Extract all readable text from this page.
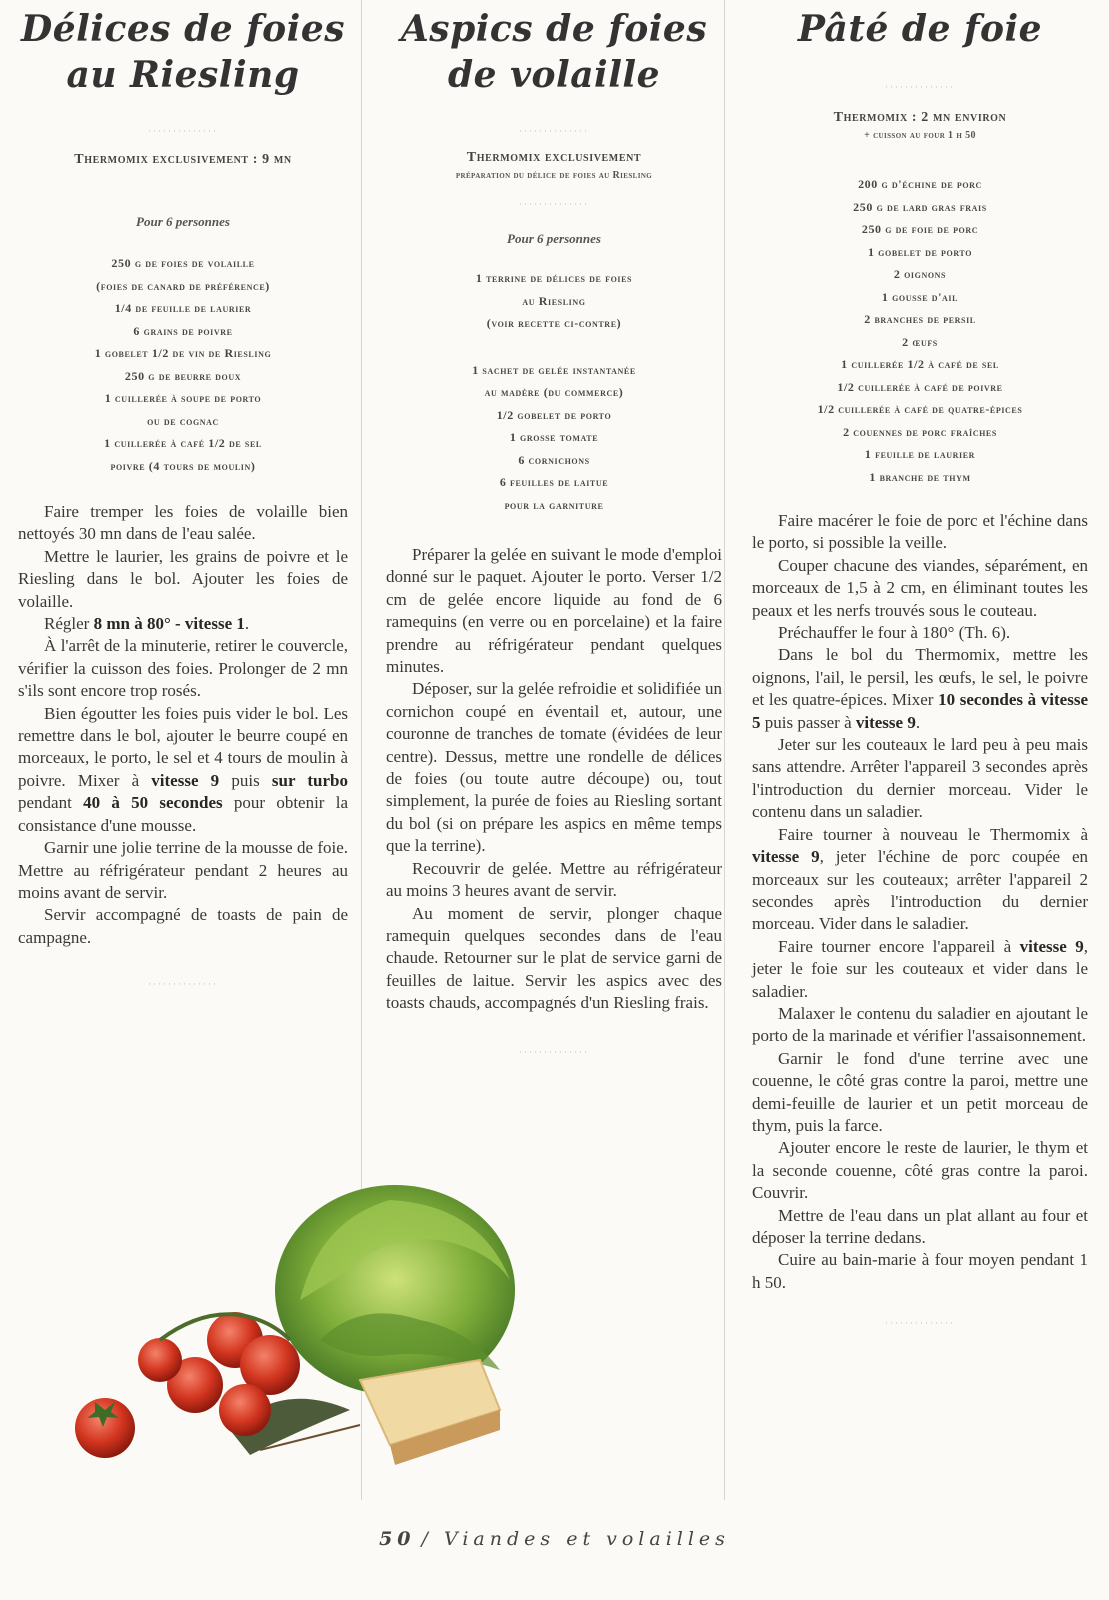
Délices de foies
au Riesling

··············

Thermomix exclusivement : 9 mn

Pour 6 personnes

250 g de foies de volaille
(foies de canard de préférence)
1/4 de feuille de laurier
6 grains de poivre
1 gobelet 1/2 de vin de Riesling
250 g de beurre doux
1 cuillerée à soupe de porto
ou de cognac
1 cuillerée à café 1/2 de sel
poivre (4 tours de moulin)

Faire tremper les foies de volaille bien nettoyés 30 mn dans de l'eau salée.

Mettre le laurier, les grains de poivre et le Riesling dans le bol. Ajouter les foies de volaille.

Régler 8 mn à 80° - vitesse 1.

À l'arrêt de la minuterie, retirer le couvercle, vérifier la cuisson des foies. Prolonger de 2 mn s'ils sont encore trop rosés.

Bien égoutter les foies puis vider le bol. Les remettre dans le bol, ajouter le beurre coupé en morceaux, le porto, le sel et 4 tours de moulin à poivre. Mixer à vitesse 9 puis sur turbo pendant 40 à 50 secondes pour obtenir la consistance d'une mousse.

Garnir une jolie terrine de la mousse de foie. Mettre au réfrigérateur pendant 2 heures au moins avant de servir.

Servir accompagné de toasts de pain de campagne.

··············

Aspics de foies
de volaille

··············

Thermomix exclusivement

préparation du délice de foies au Riesling

··············

Pour 6 personnes

1 terrine de délices de foies
au Riesling
(voir recette ci-contre)
1 sachet de gelée instantanée
au madère (du commerce)
1/2 gobelet de porto
1 grosse tomate
6 cornichons
6 feuilles de laitue
pour la garniture

Préparer la gelée en suivant le mode d'emploi donné sur le paquet. Ajouter le porto. Verser 1/2 cm de gelée encore liquide au fond de 6 ramequins (en verre ou en porcelaine) et la faire prendre au réfrigérateur pendant quelques minutes.

Déposer, sur la gelée refroidie et solidifiée un cornichon coupé en éventail et, autour, une couronne de tranches de tomate (évidées de leur centre). Dessus, mettre une rondelle de délices de foies (ou toute autre découpe) ou, tout simplement, la purée de foies au Riesling sortant du bol (si on prépare les aspics en même temps que la terrine).

Recouvrir de gelée. Mettre au réfrigérateur au moins 3 heures avant de servir.

Au moment de servir, plonger chaque ramequin quelques secondes dans de l'eau chaude. Retourner sur le plat de service garni de feuilles de laitue. Servir les aspics avec des toasts chauds, accompagnés d'un Riesling frais.

··············

Pâté de foie

··············

Thermomix : 2 mn environ

+ cuisson au four 1 h 50

200 g d'échine de porc
250 g de lard gras frais
250 g de foie de porc
1 gobelet de porto
2 oignons
1 gousse d'ail
2 branches de persil
2 œufs
1 cuillerée 1/2 à café de sel
1/2 cuillerée à café de poivre
1/2 cuillerée à café de quatre-épices
2 couennes de porc fraîches
1 feuille de laurier
1 branche de thym

Faire macérer le foie de porc et l'échine dans le porto, si possible la veille.

Couper chacune des viandes, séparément, en morceaux de 1,5 à 2 cm, en éliminant toutes les peaux et les nerfs trouvés sous le couteau.

Préchauffer le four à 180° (Th. 6).

Dans le bol du Thermomix, mettre les oignons, l'ail, le persil, les œufs, le sel, le poivre et les quatre-épices. Mixer 10 secondes à vitesse 5 puis passer à vitesse 9.

Jeter sur les couteaux le lard peu à peu mais sans attendre. Arrêter l'appareil 3 secondes après l'introduction du dernier morceau. Vider le contenu dans un saladier.

Faire tourner à nouveau le Thermomix à vitesse 9, jeter l'échine de porc coupée en morceaux sur les couteaux; arrêter l'appareil 2 secondes après l'introduction du dernier morceau. Vider dans le saladier.

Faire tourner encore l'appareil à vitesse 9, jeter le foie sur les couteaux et vider dans le saladier.

Malaxer le contenu du saladier en ajoutant le porto de la marinade et vérifier l'assaisonnement.

Garnir le fond d'une terrine avec une couenne, le côté gras contre la paroi, mettre une demi-feuille de laurier et un petit morceau de thym, puis la farce.

Ajouter encore le reste de laurier, le thym et la seconde couenne, côté gras contre la paroi. Couvrir.

Mettre de l'eau dans un plat allant au four et déposer la terrine dedans.

Cuire au bain-marie à four moyen pendant 1 h 50.

··············

50 / Viandes et volailles
